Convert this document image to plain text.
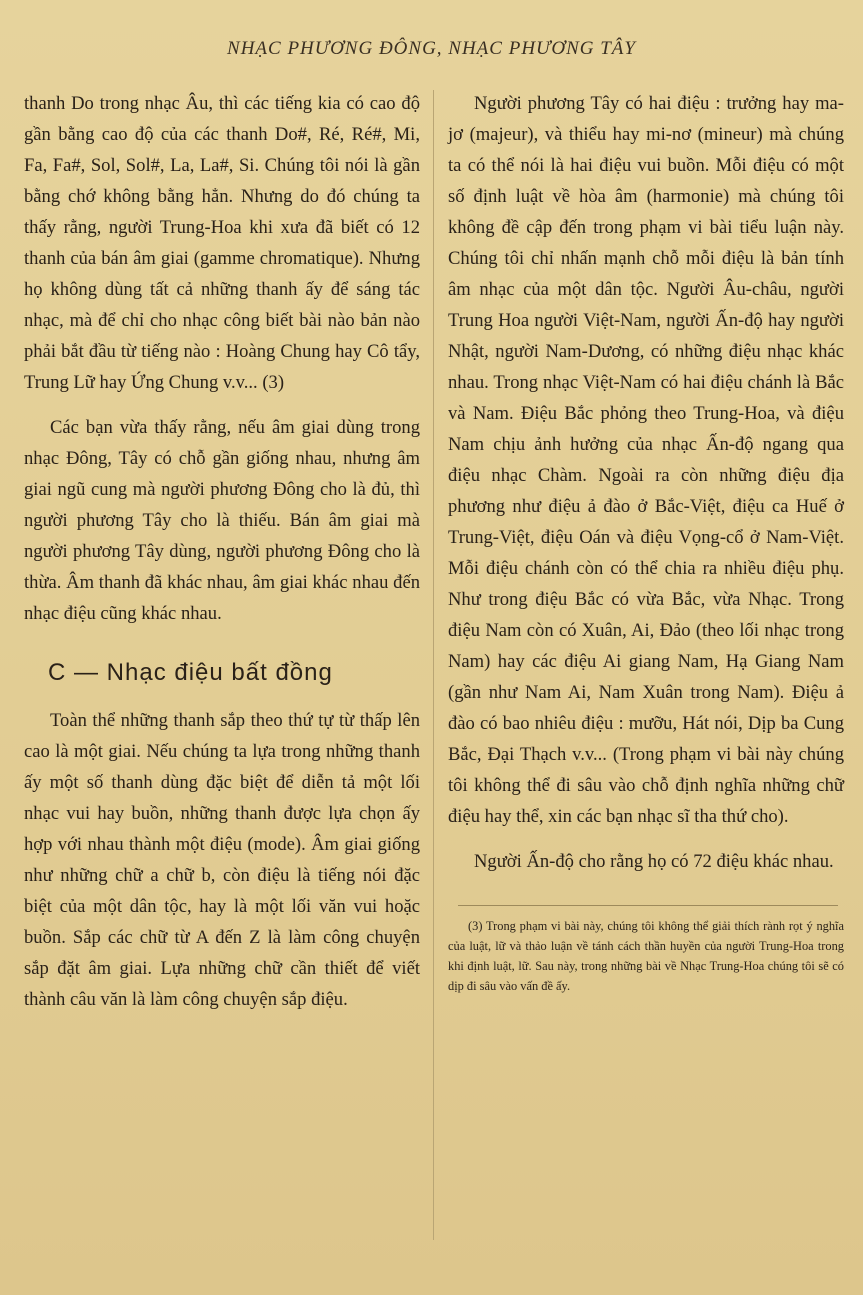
NHẠC PHƯƠNG ĐÔNG, NHẠC PHƯƠNG TÂY

thanh Do trong nhạc Âu, thì các tiếng kia có cao độ gần bằng cao độ của các thanh Do#, Ré, Ré#, Mi, Fa, Fa#, Sol, Sol#, La, La#, Si. Chúng tôi nói là gần bằng chớ không bằng hẳn. Nhưng do đó chúng ta thấy rằng, người Trung-Hoa khi xưa đã biết có 12 thanh của bán âm giai (gamme chromatique). Nhưng họ không dùng tất cả những thanh ấy để sáng tác nhạc, mà để chỉ cho nhạc công biết bài nào bản nào phải bắt đầu từ tiếng nào : Hoàng Chung hay Cô tẩy, Trung Lữ hay Ứng Chung v.v... (3)

Các bạn vừa thấy rằng, nếu âm giai dùng trong nhạc Đông, Tây có chỗ gần giống nhau, nhưng âm giai ngũ cung mà người phương Đông cho là đủ, thì người phương Tây cho là thiếu. Bán âm giai mà người phương Tây dùng, người phương Đông cho là thừa. Âm thanh đã khác nhau, âm giai khác nhau đến nhạc điệu cũng khác nhau.

C — Nhạc điệu bất đồng

Toàn thể những thanh sắp theo thứ tự từ thấp lên cao là một giai. Nếu chúng ta lựa trong những thanh ấy một số thanh dùng đặc biệt để diễn tả một lối nhạc vui hay buồn, những thanh được lựa chọn ấy hợp với nhau thành một điệu (mode). Âm giai giống như những chữ a chữ b, còn điệu là tiếng nói đặc biệt của một dân tộc, hay là một lối văn vui hoặc buồn. Sắp các chữ từ A đến Z là làm công chuyện sắp đặt âm giai. Lựa những chữ cần thiết để viết thành câu văn là làm công chuyện sắp điệu.

Người phương Tây có hai điệu : trưởng hay ma-jơ (majeur), và thiểu hay mi-nơ (mineur) mà chúng ta có thể nói là hai điệu vui buồn. Mỗi điệu có một số định luật về hòa âm (harmonie) mà chúng tôi không đề cập đến trong phạm vi bài tiểu luận này. Chúng tôi chỉ nhấn mạnh chỗ mỗi điệu là bản tính âm nhạc của một dân tộc. Người Âu-châu, người Trung Hoa người Việt-Nam, người Ấn-độ hay người Nhật, người Nam-Dương, có những điệu nhạc khác nhau. Trong nhạc Việt-Nam có hai điệu chánh là Bắc và Nam. Điệu Bắc phỏng theo Trung-Hoa, và điệu Nam chịu ảnh hưởng của nhạc Ấn-độ ngang qua điệu nhạc Chàm. Ngoài ra còn những điệu địa phương như điệu ả đào ở Bắc-Việt, điệu ca Huế ở Trung-Việt, điệu Oán và điệu Vọng-cổ ở Nam-Việt. Mỗi điệu chánh còn có thể chia ra nhiều điệu phụ. Như trong điệu Bắc có vừa Bắc, vừa Nhạc. Trong điệu Nam còn có Xuân, Ai, Đảo (theo lối nhạc trong Nam) hay các điệu Ai giang Nam, Hạ Giang Nam (gần như Nam Ai, Nam Xuân trong Nam). Điệu ả đào có bao nhiêu điệu : mưỡu, Hát nói, Dịp ba Cung Bắc, Đại Thạch v.v... (Trong phạm vi bài này chúng tôi không thể đi sâu vào chỗ định nghĩa những chữ điệu hay thể, xin các bạn nhạc sĩ tha thứ cho).

Người Ấn-độ cho rằng họ có 72 điệu khác nhau.

(3) Trong phạm vi bài này, chúng tôi không thể giải thích rành rọt ý nghĩa của luật, lữ và thảo luận về tánh cách thần huyền của người Trung-Hoa trong khi định luật, lữ. Sau này, trong những bài về Nhạc Trung-Hoa chúng tôi sẽ có dịp đi sâu vào vấn đề ấy.
